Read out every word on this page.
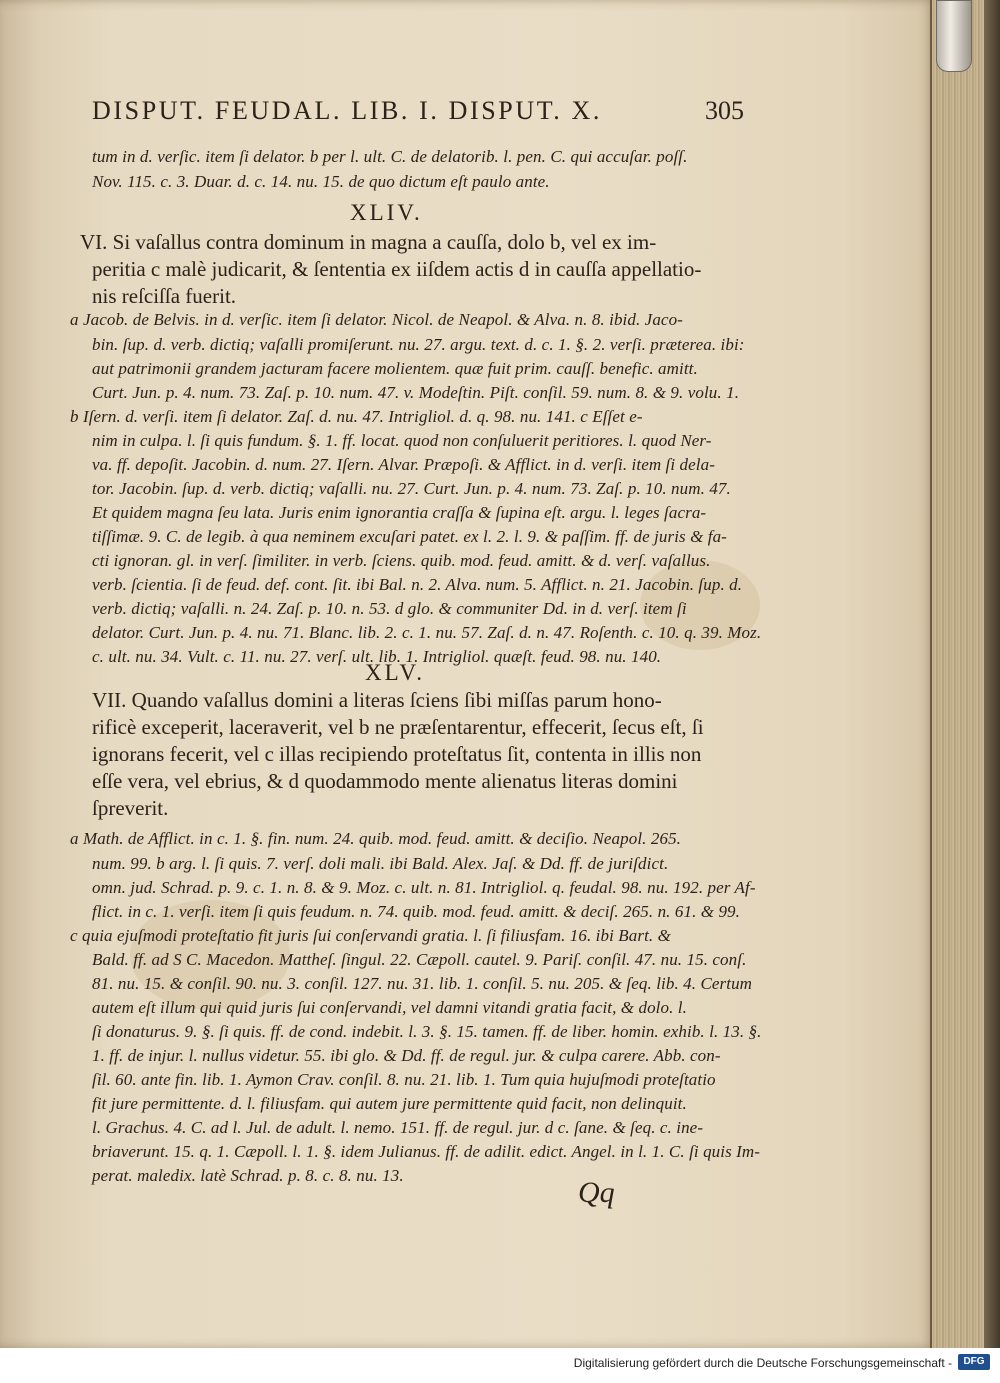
DISPUT. FEUDAL. LIB. I. DISPUT. X.	305
tum in d. verſic. item ſi delator. b per l. ult. C. de delatorib. l. pen. C. qui accuſar. poſſ.
Nov. 115. c. 3. Duar. d. c. 14. nu. 15. de quo dictum eſt paulo ante.
XLIV.
VI. Si vaſallus contra dominum in magna a cauſſa, dolo b, vel ex im-
peritia c malè judicarit, & ſententia ex iiſdem actis d in cauſſa appellatio-
nis reſciſſa fuerit.
a Jacob. de Belvis. in d. verſic. item ſi delator. Nicol. de Neapol. & Alva. n. 8. ibid. Jaco-
bin. ſup. d. verb. dictiq; vaſalli promiſerunt. nu. 27. argu. text. d. c. 1. §. 2. verſi. præterea. ibi:
aut patrimonii grandem jacturam facere molientem. quæ fuit prim. cauſſ. benefic. amitt.
Curt. Jun. p. 4. num. 73. Zaſ. p. 10. num. 47. v. Modeſtin. Piſt. conſil. 59. num. 8. & 9. volu. 1.
b Iſern. d. verſi. item ſi delator. Zaſ. d. nu. 47. Intrigliol. d. q. 98. nu. 141. c Eſſet e-
nim in culpa. l. ſi quis fundum. §. 1. ff. locat. quod non conſuluerit peritiores. l. quod Ner-
va. ff. depoſit. Jacobin. d. num. 27. Iſern. Alvar. Præpoſi. & Afflict. in d. verſi. item ſi dela-
tor. Jacobin. ſup. d. verb. dictiq; vaſalli. nu. 27. Curt. Jun. p. 4. num. 73. Zaſ. p. 10. num. 47.
Et quidem magna ſeu lata. Juris enim ignorantia craſſa & ſupina eſt. argu. l. leges ſacra-
tiſſimæ. 9. C. de legib. à qua neminem excuſari patet. ex l. 2. l. 9. & paſſim. ff. de juris & fa-
cti ignoran. gl. in verſ. ſimiliter. in verb. ſciens. quib. mod. feud. amitt. & d. verſ. vaſallus.
verb. ſcientia. ſi de feud. def. cont. ſit. ibi Bal. n. 2. Alva. num. 5. Afflict. n. 21. Jacobin. ſup. d.
verb. dictiq; vaſalli. n. 24. Zaſ. p. 10. n. 53. d glo. & communiter Dd. in d. verſ. item ſi
delator. Curt. Jun. p. 4. nu. 71. Blanc. lib. 2. c. 1. nu. 57. Zaſ. d. n. 47. Roſenth. c. 10. q. 39. Moz.
c. ult. nu. 34. Vult. c. 11. nu. 27. verſ. ult. lib. 1. Intrigliol. quæſt. feud. 98. nu. 140.
XLV.
VII. Quando vaſallus domini a literas ſciens ſibi miſſas parum hono-
rificè exceperit, laceraverit, vel b ne præſentarentur, effecerit, ſecus eſt, ſi
ignorans fecerit, vel c illas recipiendo proteſtatus ſit, contenta in illis non
eſſe vera, vel ebrius, & d quodammodo mente alienatus literas domini
ſpreverit.
a Math. de Afflict. in c. 1. §. fin. num. 24. quib. mod. feud. amitt. & deciſio. Neapol. 265.
num. 99. b arg. l. ſi quis. 7. verſ. doli mali. ibi Bald. Alex. Jaſ. & Dd. ff. de juriſdict.
omn. jud. Schrad. p. 9. c. 1. n. 8. & 9. Moz. c. ult. n. 81. Intrigliol. q. feudal. 98. nu. 192. per Af-
flict. in c. 1. verſi. item ſi quis feudum. n. 74. quib. mod. feud. amitt. & deciſ. 265. n. 61. & 99.
c quia ejuſmodi proteſtatio fit juris ſui conſervandi gratia. l. ſi filiusfam. 16. ibi Bart. &
Bald. ff. ad S C. Macedon. Mattheſ. ſingul. 22. Cæpoll. cautel. 9. Pariſ. conſil. 47. nu. 15. conſ.
81. nu. 15. & conſil. 90. nu. 3. conſil. 127. nu. 31. lib. 1. conſil. 5. nu. 205. & ſeq. lib. 4. Certum
autem eſt illum qui quid juris ſui conſervandi, vel damni vitandi gratia facit, & dolo. l.
ſi donaturus. 9. §. ſi quis. ff. de cond. indebit. l. 3. §. 15. tamen. ff. de liber. homin. exhib. l. 13. §.
1. ff. de injur. l. nullus videtur. 55. ibi glo. & Dd. ff. de regul. jur. & culpa carere. Abb. con-
ſil. 60. ante fin. lib. 1. Aymon Crav. conſil. 8. nu. 21. lib. 1. Tum quia hujuſmodi proteſtatio
fit jure permittente. d. l. filiusfam. qui autem jure permittente quid facit, non delinquit.
l. Grachus. 4. C. ad l. Jul. de adult. l. nemo. 151. ff. de regul. jur. d c. ſane. & ſeq. c. ine-
briaverunt. 15. q. 1. Cæpoll. l. 1. §. idem Julianus. ff. de adilit. edict. Angel. in l. 1. C. ſi quis Im-
perat. maledix. latè Schrad. p. 8. c. 8. nu. 13.
Qq
Digitalisierung gefördert durch die Deutsche Forschungsgemeinschaft -	DFG
